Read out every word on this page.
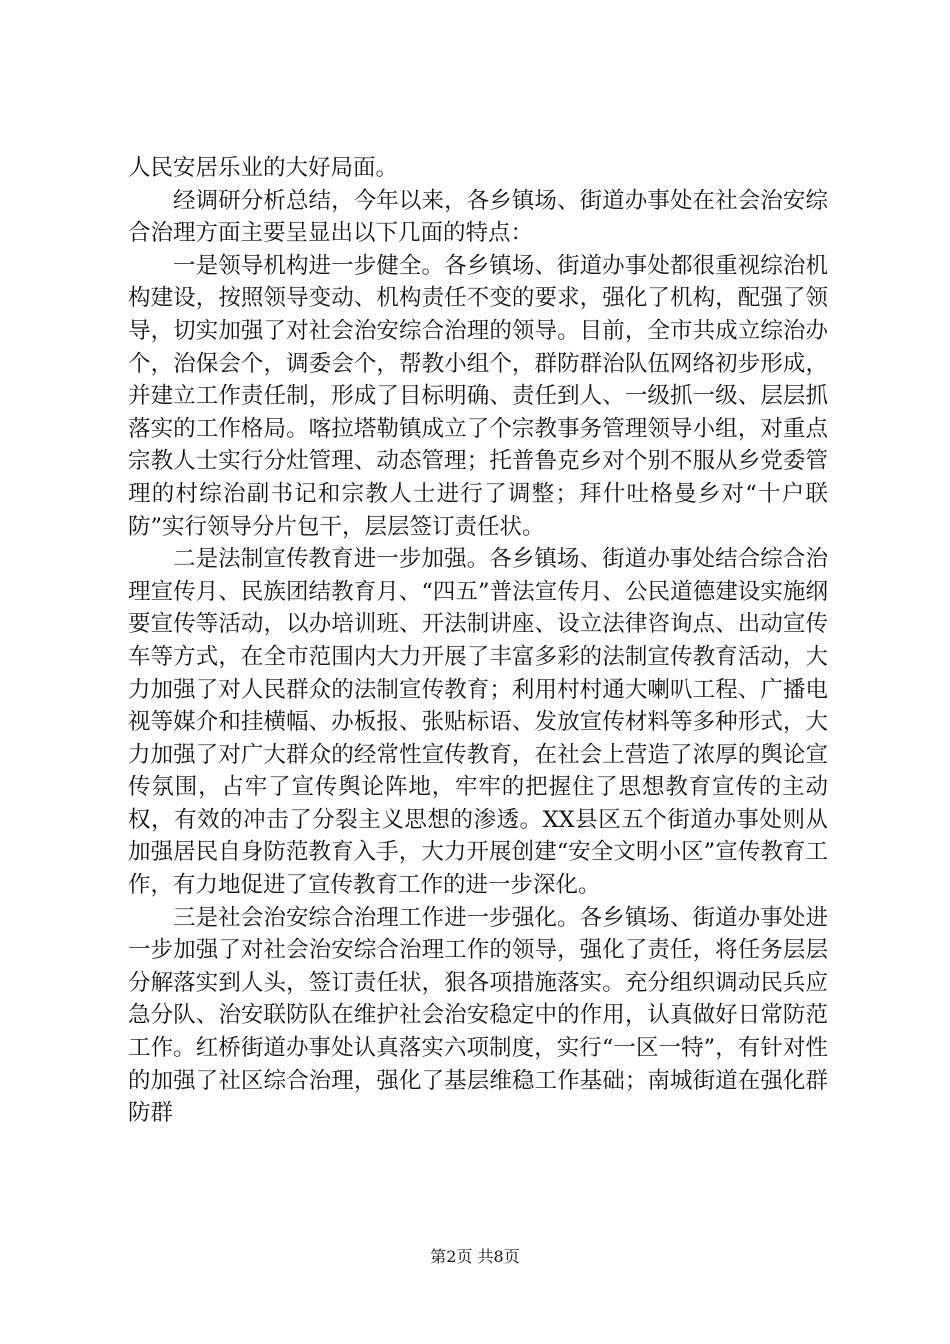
人民安居乐业的大好局面。

经调研分析总结，今年以来，各乡镇场、街道办事处在社会治安综合治理方面主要呈显出以下几面的特点：

一是领导机构进一步健全。各乡镇场、街道办事处都很重视综治机构建设，按照领导变动、机构责任不变的要求，强化了机构，配强了领导，切实加强了对社会治安综合治理的领导。目前，全市共成立综治办个，治保会个，调委会个，帮教小组个，群防群治队伍网络初步形成，并建立工作责任制，形成了目标明确、责任到人、一级抓一级、层层抓落实的工作格局。喀拉塔勒镇成立了个宗教事务管理领导小组，对重点宗教人士实行分灶管理、动态管理；托普鲁克乡对个别不服从乡党委管理的村综治副书记和宗教人士进行了调整；拜什吐格曼乡对“十户联防”实行领导分片包干，层层签订责任状。

二是法制宣传教育进一步加强。各乡镇场、街道办事处结合综合治理宣传月、民族团结教育月、“四五”普法宣传月、公民道德建设实施纲要宣传等活动，以办培训班、开法制讲座、设立法律咨询点、出动宣传车等方式，在全市范围内大力开展了丰富多彩的法制宣传教育活动，大力加强了对人民群众的法制宣传教育；利用村村通大喇叭工程、广播电视等媒介和挂横幅、办板报、张贴标语、发放宣传材料等多种形式，大力加强了对广大群众的经常性宣传教育，在社会上营造了浓厚的舆论宣传氛围，占牢了宣传舆论阵地，牢牢的把握住了思想教育宣传的主动权，有效的冲击了分裂主义思想的渗透。XX县区五个街道办事处则从加强居民自身防范教育入手，大力开展创建“安全文明小区”宣传教育工作，有力地促进了宣传教育工作的进一步深化。

三是社会治安综合治理工作进一步强化。各乡镇场、街道办事处进一步加强了对社会治安综合治理工作的领导，强化了责任，将任务层层分解落实到人头，签订责任状，狠各项措施落实。充分组织调动民兵应急分队、治安联防队在维护社会治安稳定中的作用，认真做好日常防范工作。红桥街道办事处认真落实六项制度，实行“一区一特”，有针对性的加强了社区综合治理，强化了基层维稳工作基础；南城街道在强化群防群

第2页 共8页
